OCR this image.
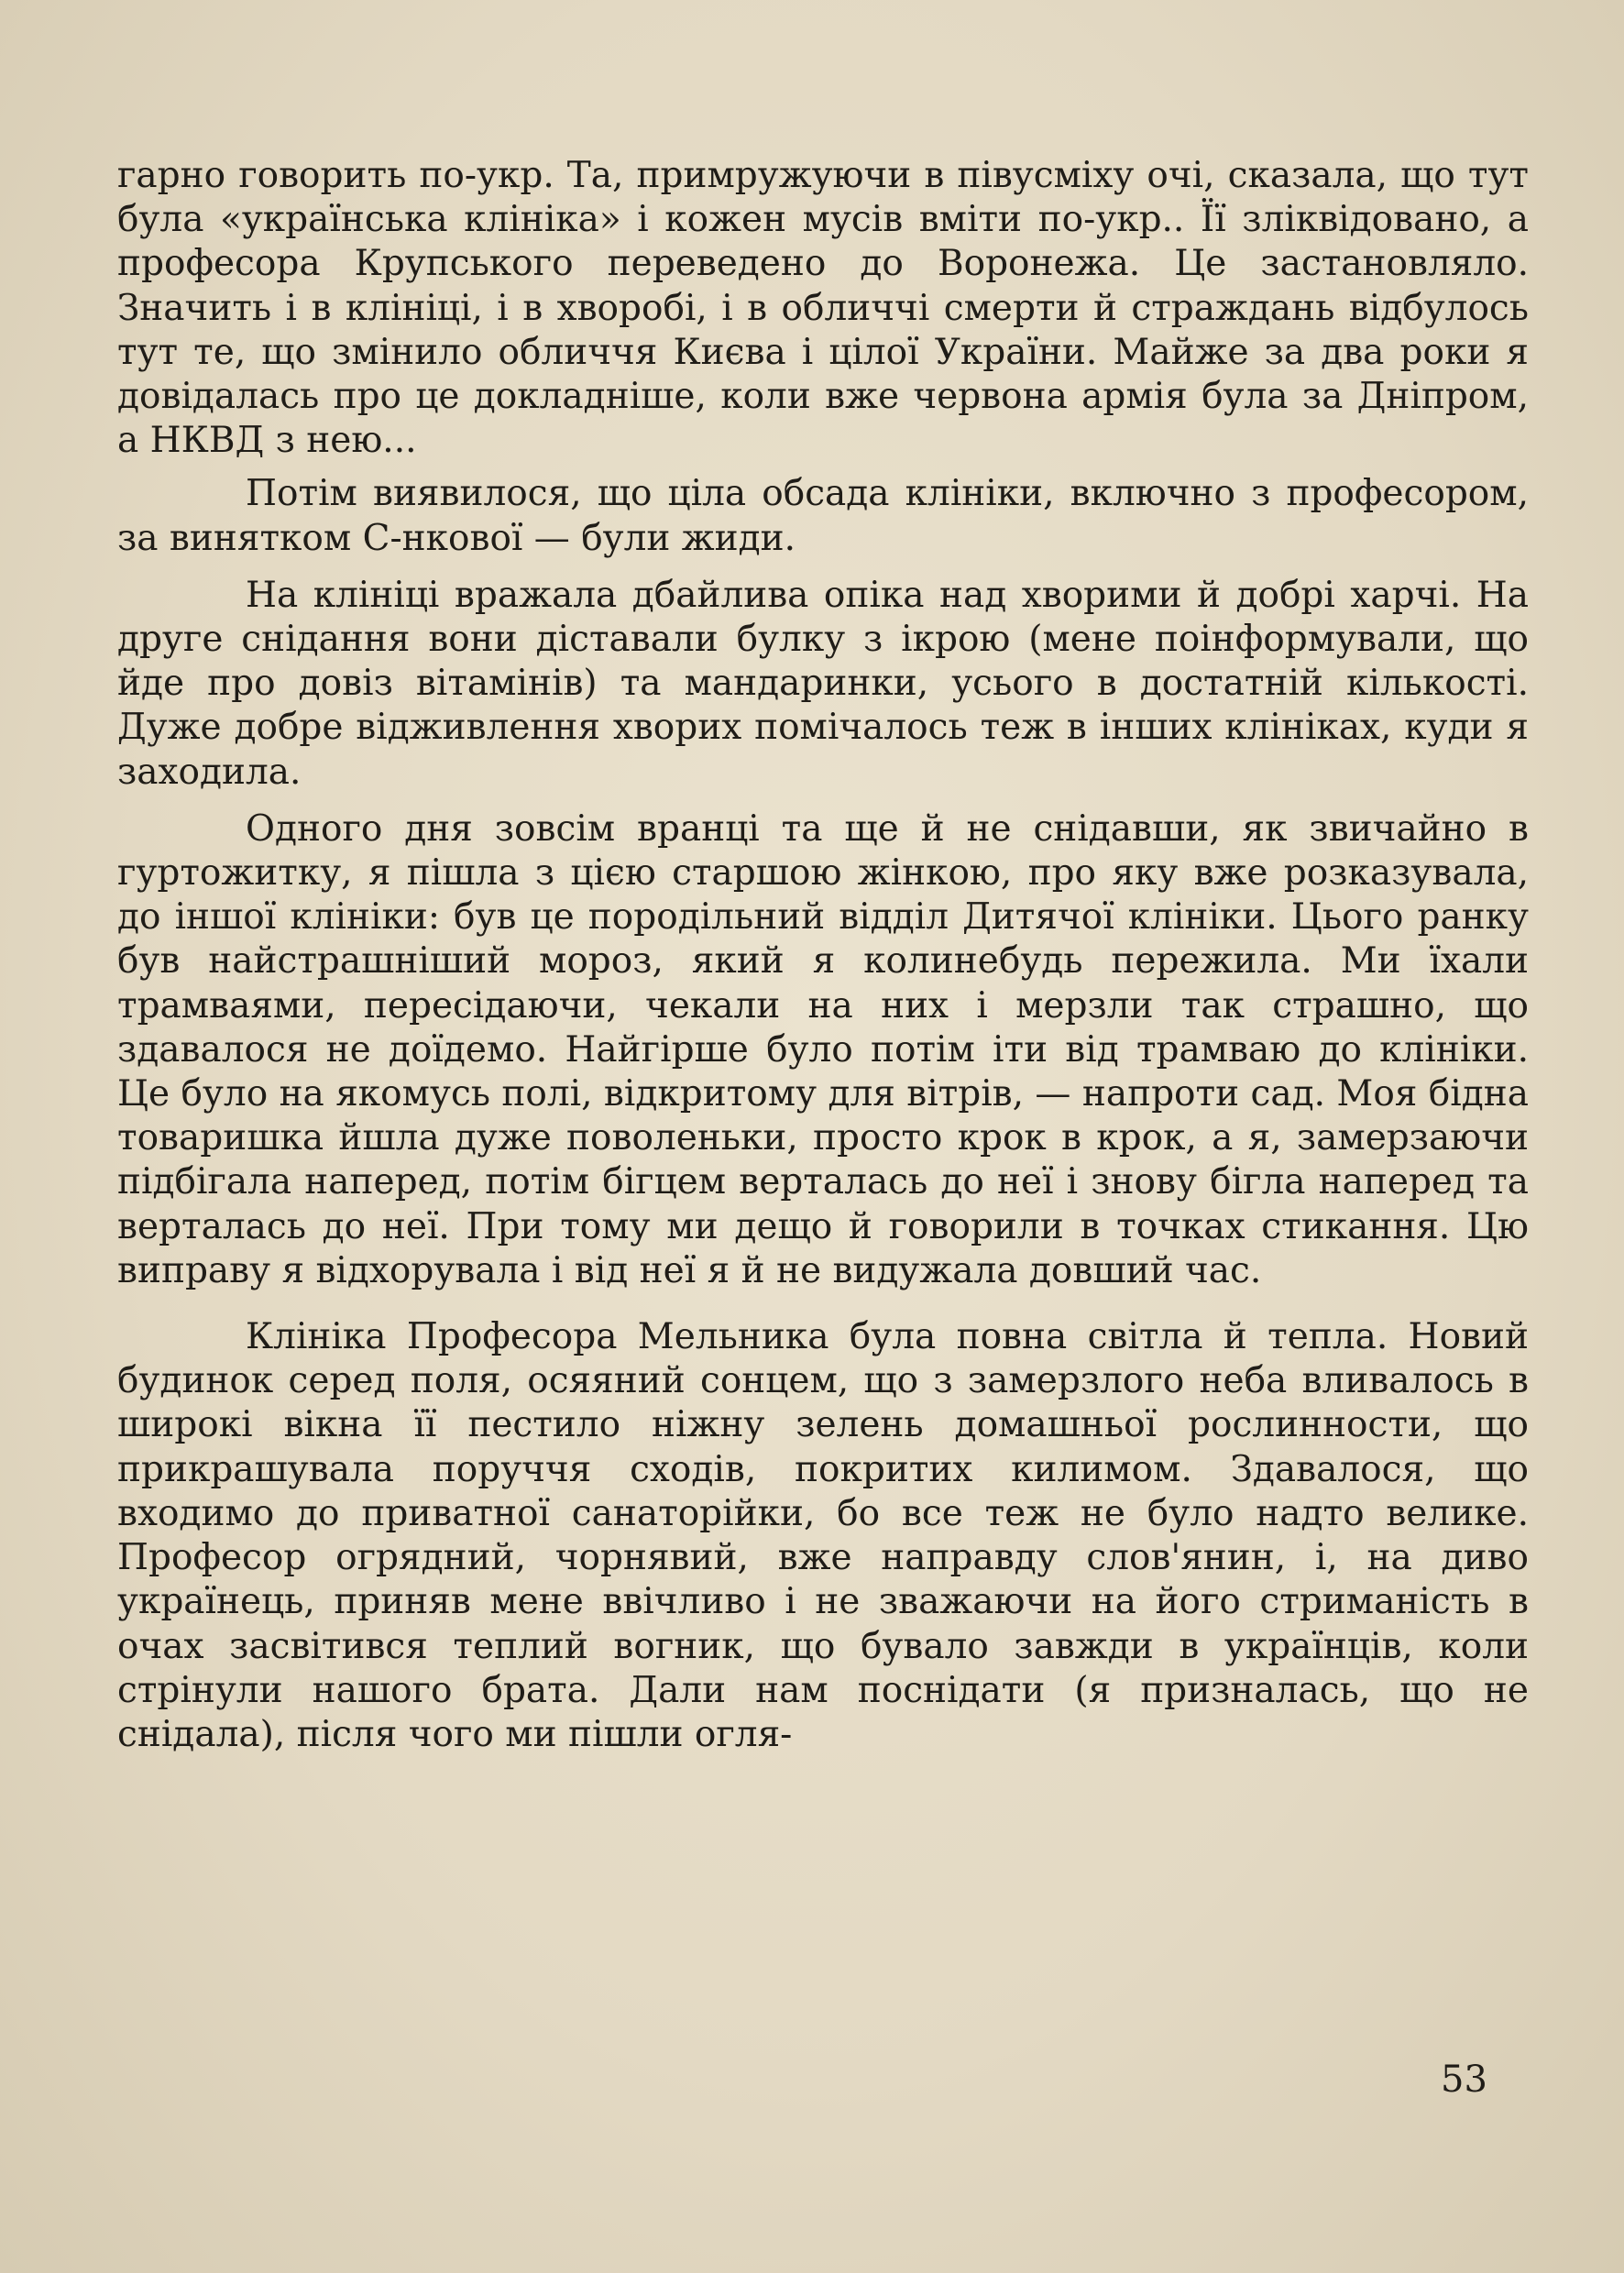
гарно говорить по-укр. Та, примружуючи в півусміху очі, сказала, що тут була «українська клініка» і кожен мусів вміти по-укр.. Її зліквідовано, а професора Крупського переведено до Воронежа. Це застановляло. Значить і в клініці, і в хворобі, і в обличчі смерти й страждань відбулось тут те, що змінило обличчя Києва і цілої України. Майже за два роки я довідалась про це докладніше, коли вже червона армія була за Дніпром, а НКВД з нею...

Потім виявилося, що ціла обсада клініки, включно з професором, за винятком С-нкової — були жиди.

На клініці вражала дбайлива опіка над хворими й добрі харчі. На друге снідання вони діставали булку з ікрою (мене поінформували, що йде про довіз вітамінів) та мандаринки, усього в достатній кількості. Дуже добре відживлення хворих помічалось теж в інших клініках, куди я заходила.

Одного дня зовсім вранці та ще й не снідавши, як звичайно в гуртожитку, я пішла з цією старшою жінкою, про яку вже розказувала, до іншої клініки: був це породільний відділ Дитячої клініки. Цього ранку був найстрашніший мороз, який я колинебудь пережила. Ми їхали трамваями, пересідаючи, чекали на них і мерзли так страшно, що здавалося не доїдемо. Найгірше було потім іти від трамваю до клініки. Це було на якомусь полі, відкритому для вітрів, — напроти сад. Моя бідна товаришка йшла дуже поволеньки, просто крок в крок, а я, замерзаючи підбігала наперед, потім бігцем верталась до неї і знову бігла наперед та верталась до неї. При тому ми дещо й говорили в точках стикання. Цю виправу я відхорувала і від неї я й не видужала довший час.

Клініка Професора Мельника була повна світла й тепла. Новий будинок серед поля, осяяний сонцем, що з замерзлого неба вливалось в широкі вікна її пестило ніжну зелень домашньої рослинности, що прикрашувала поруччя сходів, покритих килимом. Здавалося, що входимо до приватної санаторійки, бо все теж не було надто велике. Професор огрядний, чорнявий, вже направду слов'янин, і, на диво українець, приняв мене ввічливо і не зважаючи на його стриманість в очах засвітився теплий вогник, що бувало завжди в українців, коли стрінули нашого брата. Дали нам поснідати (я призналась, що не снідала), після чого ми пішли огля-

53
